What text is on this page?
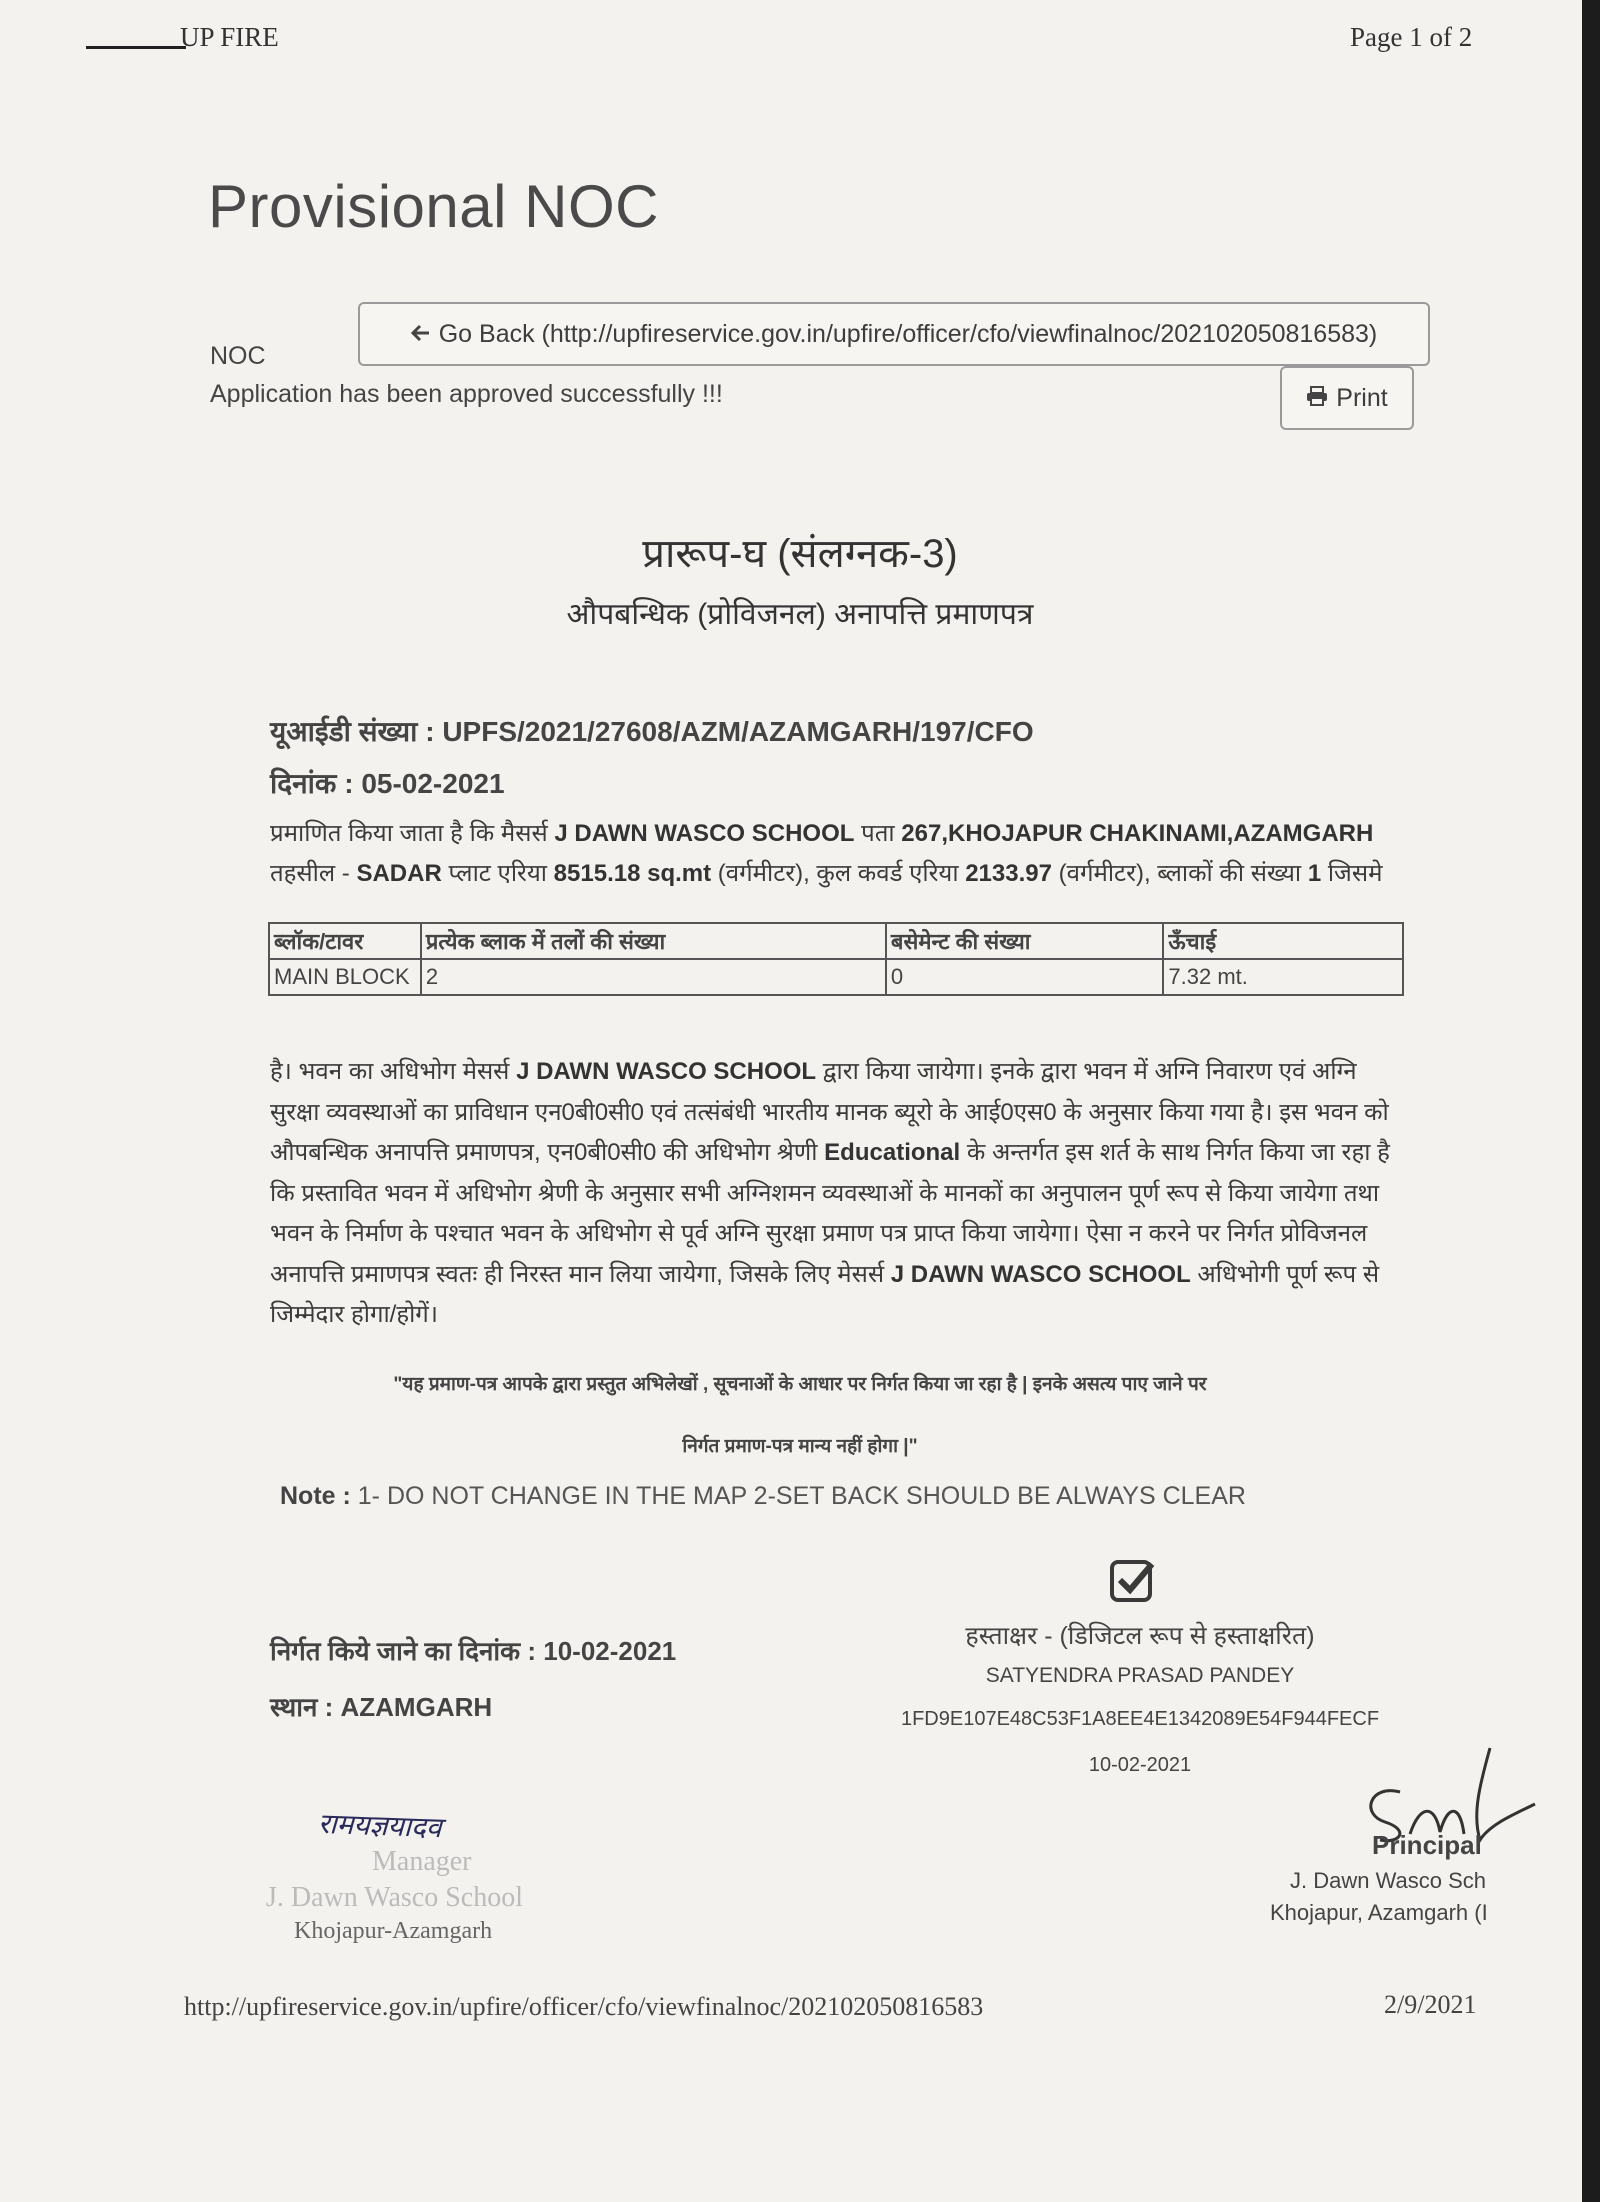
UP FIRE	Page 1 of 2
Provisional NOC
Go Back (http://upfireservice.gov.in/upfire/officer/cfo/viewfinalnoc/202102050816583)
NOC
Application has been approved successfully !!!	Print
प्रारूप-घ (संलग्नक-3)
औपबन्धिक (प्रोविजनल) अनापत्ति प्रमाणपत्र
यूआईडी संख्या : UPFS/2021/27608/AZM/AZAMGARH/197/CFO
दिनांक : 05-02-2021
प्रमाणित किया जाता है कि मैसर्स J DAWN WASCO SCHOOL पता 267,KHOJAPUR CHAKINAMI,AZAMGARH तहसील - SADAR प्लाट एरिया 8515.18 sq.mt (वर्गमीटर), कुल कवर्ड एरिया 2133.97 (वर्गमीटर), ब्लाकों की संख्या 1 जिसमे
ब्लॉक/टावर	प्रत्येक ब्लाक में तलों की संख्या	बसेमेन्ट की संख्या	ऊँचाई
MAIN BLOCK	2	0	7.32 mt.
है। भवन का अधिभोग मेसर्स J DAWN WASCO SCHOOL द्वारा किया जायेगा। इनके द्वारा भवन में अग्नि निवारण एवं अग्नि सुरक्षा व्यवस्थाओं का प्राविधान एन0बी0सी0 एवं तत्संबंधी भारतीय मानक ब्यूरो के आई0एस0 के अनुसार किया गया है। इस भवन को औपबन्धिक अनापत्ति प्रमाणपत्र, एन0बी0सी0 की अधिभोग श्रेणी Educational के अन्तर्गत इस शर्त के साथ निर्गत किया जा रहा है कि प्रस्तावित भवन में अधिभोग श्रेणी के अनुसार सभी अग्निशमन व्यवस्थाओं के मानकों का अनुपालन पूर्ण रूप से किया जायेगा तथा भवन के निर्माण के पश्चात भवन के अधिभोग से पूर्व अग्नि सुरक्षा प्रमाण पत्र प्राप्त किया जायेगा। ऐसा न करने पर निर्गत प्रोविजनल अनापत्ति प्रमाणपत्र स्वतः ही निरस्त मान लिया जायेगा, जिसके लिए मेसर्स J DAWN WASCO SCHOOL अधिभोगी पूर्ण रूप से जिम्मेदार होगा/होगें।
"यह प्रमाण-पत्र आपके द्वारा प्रस्तुत अभिलेखों , सूचनाओं के आधार पर निर्गत किया जा रहा है | इनके असत्य पाए जाने पर
निर्गत प्रमाण-पत्र मान्य नहीं होगा |"
Note : 1- DO NOT CHANGE IN THE MAP 2-SET BACK SHOULD BE ALWAYS CLEAR
निर्गत किये जाने का दिनांक : 10-02-2021
स्थान : AZAMGARH
हस्ताक्षर - (डिजिटल रूप से हस्ताक्षरित)
SATYENDRA PRASAD PANDEY
1FD9E107E48C53F1A8EE4E1342089E54F944FECF
10-02-2021
रामयज्ञयादव
Manager
J. Dawn Wasco School
Khojapur-Azamgarh
Principal
J. Dawn Wasco Sch
Khojapur, Azamgarh (I
http://upfireservice.gov.in/upfire/officer/cfo/viewfinalnoc/202102050816583	2/9/2021
